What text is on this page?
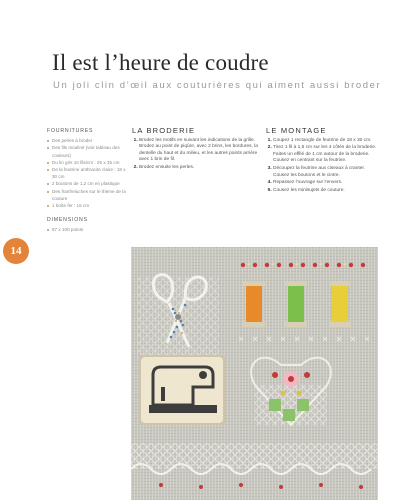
Il est l’heure de coudre

Un joli clin d’œil aux couturières qui aiment aussi broder

FOURNITURES
Des perles à broder
Des fils mouliné (voir tableau des couleurs)
Du lin gris 10 fils/cm : 25 x 35 cm
De la feutrine anthracite claire : 18 x 30 cm
2 boutons de 1,2 cm en plastique
Des franfreluches sur le thème de la couture
1 boîte fer : 15 cm
DIMENSIONS
67 x 100 points
14
LA BRODERIE
1. Brodez les motifs en suivant les indications de la grille. Brodez au point de piqûre, avec 2 brins, les bordures, la dentelle du haut et du milieu, et les autres points arrière avec 1 brin de fil.
2. Brodez ensuite les perles.
LE MONTAGE
1. Coupez 1 rectangle de feutrine de 18 x 30 cm.
2. Tirez 1 fil à 1,5 cm sur les 4 côtés de la broderie. Faites un effilé de 1 cm autour de la broderie. Cousez en centrant sur la feutrine.
3. Découpez la feutrine aux ciseaux à cranter. Cousez les boutons et le cintre.
4. Repassez l’ouvrage sur l’envers.
5. Cousez les minisujets de couture.
